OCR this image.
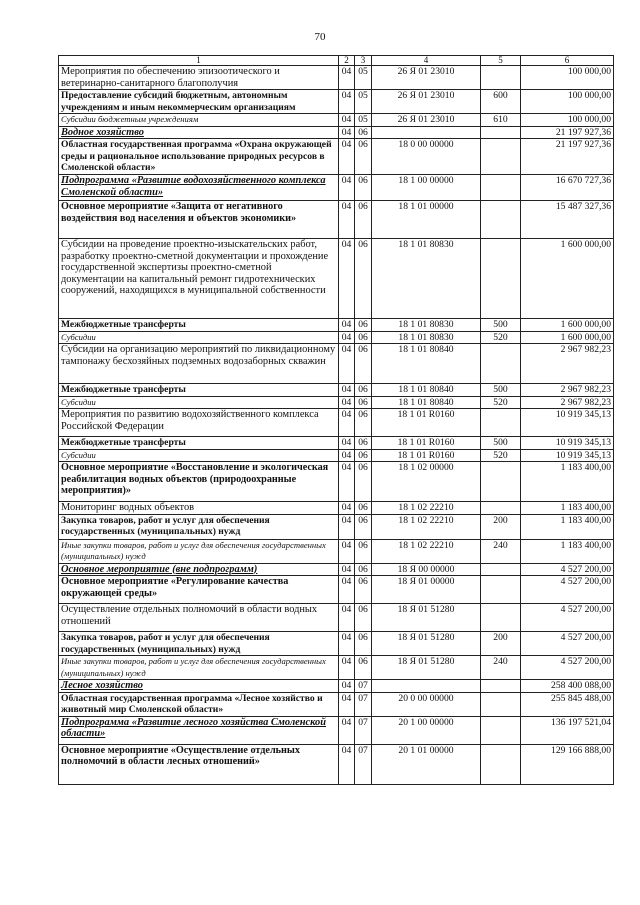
70
1	2	3	4	5	6
Мероприятия по обеспечению эпизоотического и ветеринарно-санитарного благополучия	04	05	26 Я 01 23010		100 000,00
Предоставление субсидий бюджетным, автономным учреждениям и иным некоммерческим организациям	04	05	26 Я 01 23010	600	100 000,00
Субсидии бюджетным учреждениям	04	05	26 Я 01 23010	610	100 000,00
Водное хозяйство	04	06			21 197 927,36
Областная государственная программа «Охрана окружающей среды и рациональное использование природных ресурсов в Смоленской области»	04	06	18 0 00 00000		21 197 927,36
Подпрограмма «Развитие водохозяйственного комплекса Смоленской области»	04	06	18 1 00 00000		16 670 727,36
Основное мероприятие «Защита от негативного воздействия вод населения и объектов экономики»	04	06	18 1 01 00000		15 487 327,36
Субсидии на проведение проектно-изыскательских работ, разработку проектно-сметной документации и прохождение государственной экспертизы проектно-сметной документации на капитальный ремонт гидротехнических сооружений, находящихся в муниципальной собственности	04	06	18 1 01 80830		1 600 000,00
Межбюджетные трансферты	04	06	18 1 01 80830	500	1 600 000,00
Субсидии	04	06	18 1 01 80830	520	1 600 000,00
Субсидии на организацию мероприятий по ликвидационному тампонажу бесхозяйных подземных водозаборных скважин	04	06	18 1 01 80840		2 967 982,23
Межбюджетные трансферты	04	06	18 1 01 80840	500	2 967 982,23
Субсидии	04	06	18 1 01 80840	520	2 967 982,23
Мероприятия по развитию водохозяйственного комплекса Российской Федерации	04	06	18 1 01 R0160		10 919 345,13
Межбюджетные трансферты	04	06	18 1 01 R0160	500	10 919 345,13
Субсидии	04	06	18 1 01 R0160	520	10 919 345,13
Основное мероприятие «Восстановление и экологическая реабилитация водных объектов (природоохранные мероприятия)»	04	06	18 1 02 00000		1 183 400,00
Мониторинг водных объектов	04	06	18 1 02 22210		1 183 400,00
Закупка товаров, работ и услуг для обеспечения государственных (муниципальных) нужд	04	06	18 1 02 22210	200	1 183 400,00
Иные закупки товаров, работ и услуг для обеспечения государственных (муниципальных) нужд	04	06	18 1 02 22210	240	1 183 400,00
Основное мероприятие (вне подпрограмм)	04	06	18 Я 00 00000		4 527 200,00
Основное мероприятие «Регулирование качества окружающей среды»	04	06	18 Я 01 00000		4 527 200,00
Осуществление отдельных полномочий в области водных отношений	04	06	18 Я 01 51280		4 527 200,00
Закупка товаров, работ и услуг для обеспечения государственных (муниципальных) нужд	04	06	18 Я 01 51280	200	4 527 200,00
Иные закупки товаров, работ и услуг для обеспечения государственных (муниципальных) нужд	04	06	18 Я 01 51280	240	4 527 200,00
Лесное хозяйство	04	07			258 400 088,00
Областная государственная программа «Лесное хозяйство и животный мир Смоленской области»	04	07	20 0 00 00000		255 845 488,00
Подпрограмма «Развитие лесного хозяйства Смоленской области»	04	07	20 1 00 00000		136 197 521,04
Основное мероприятие «Осуществление отдельных полномочий в области лесных отношений»	04	07	20 1 01 00000		129 166 888,00
